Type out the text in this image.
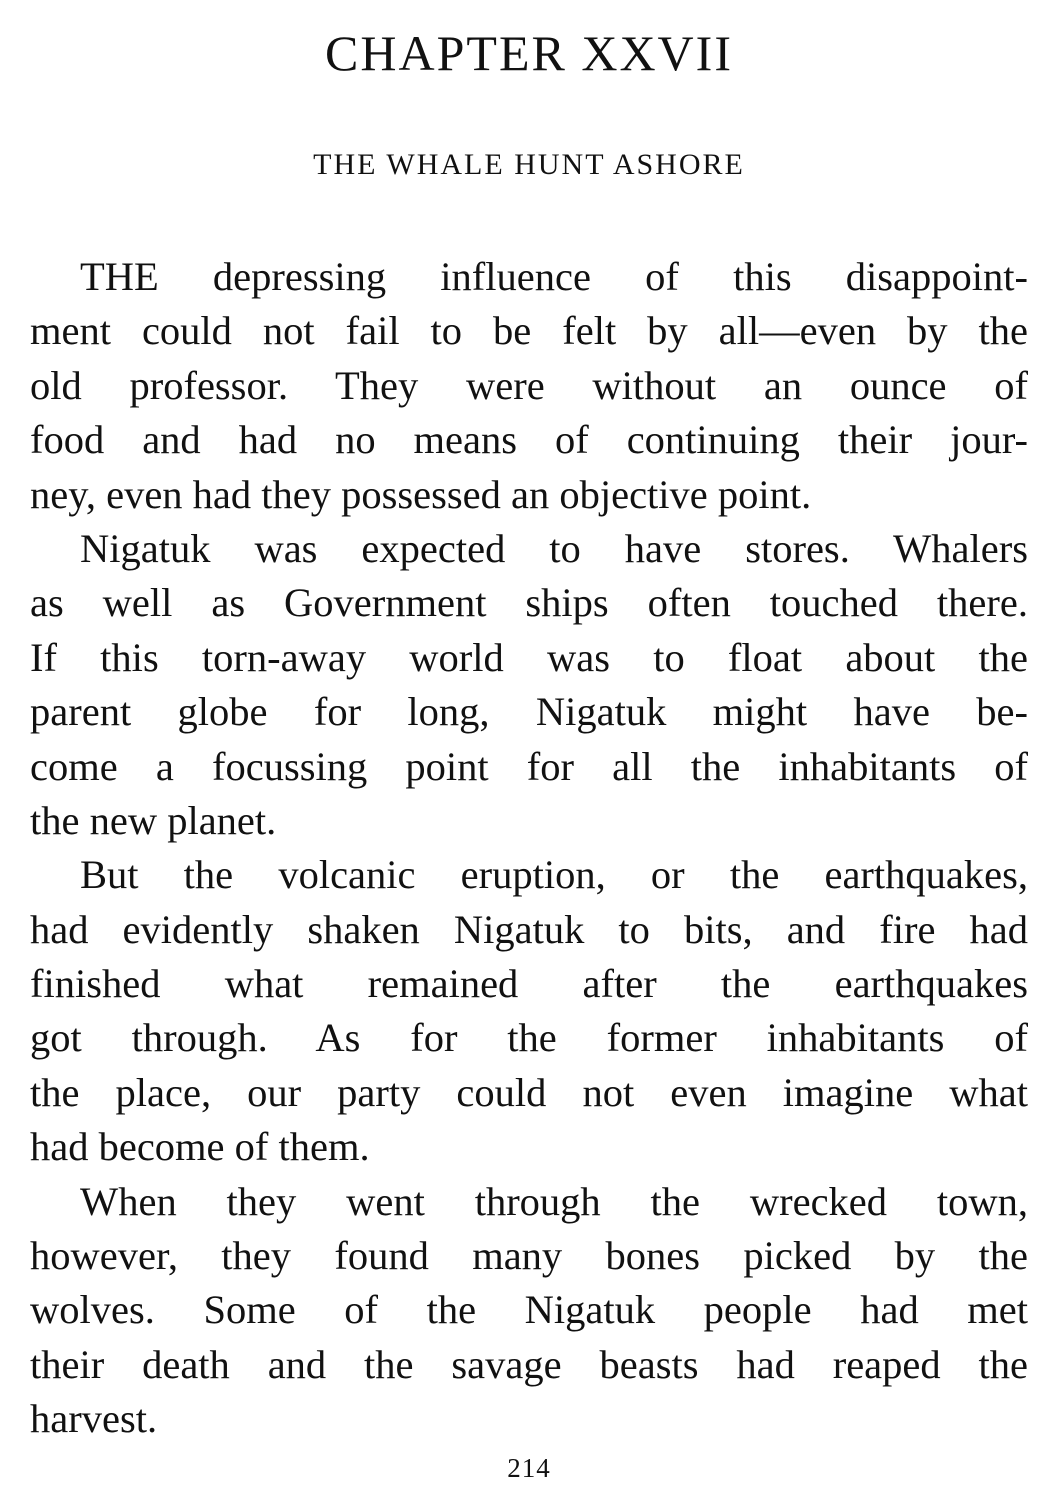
CHAPTER XXVII
THE WHALE HUNT ASHORE
THE depressing influence of this disappoint-
ment could not fail to be felt by all—even by the
old professor. They were without an ounce of
food and had no means of continuing their jour-
ney, even had they possessed an objective point.
Nigatuk was expected to have stores. Whalers
as well as Government ships often touched there.
If this torn-away world was to float about the
parent globe for long, Nigatuk might have be-
come a focussing point for all the inhabitants of
the new planet.
But the volcanic eruption, or the earthquakes,
had evidently shaken Nigatuk to bits, and fire had
finished what remained after the earthquakes
got through. As for the former inhabitants of
the place, our party could not even imagine what
had become of them.
When they went through the wrecked town,
however, they found many bones picked by the
wolves. Some of the Nigatuk people had met
their death and the savage beasts had reaped the
harvest.
214
